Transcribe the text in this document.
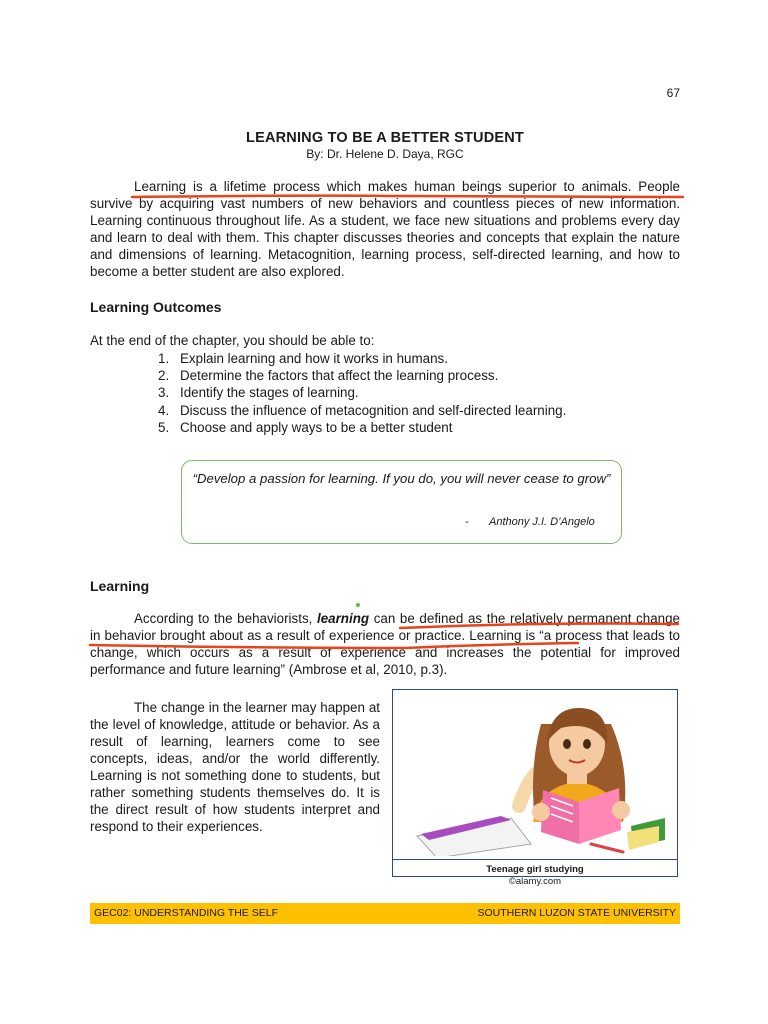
67
LEARNING TO BE A BETTER STUDENT
By: Dr. Helene D. Daya, RGC

Learning is a lifetime process which makes human beings superior to animals. People survive by acquiring vast numbers of new behaviors and countless pieces of new information. Learning continuous throughout life. As a student, we face new situations and problems every day and learn to deal with them. This chapter discusses theories and concepts that explain the nature and dimensions of learning. Metacognition, learning process, self-directed learning, and how to become a better student are also explored.

Learning Outcomes
At the end of the chapter, you should be able to:
1. Explain learning and how it works in humans.
2. Determine the factors that affect the learning process.
3. Identify the stages of learning.
4. Discuss the influence of metacognition and self-directed learning.
5. Choose and apply ways to be a better student
“Develop a passion for learning. If you do, you will never cease to grow”
- Anthony J.I. D’Angelo
Learning

According to the behaviorists, learning can be defined as the relatively permanent change in behavior brought about as a result of experience or practice. Learning is “a process that leads to change, which occurs as a result of experience and increases the potential for improved performance and future learning” (Ambrose et al, 2010, p.3).

The change in the learner may happen at the level of knowledge, attitude or behavior. As a result of learning, learners come to see concepts, ideas, and/or the world differently. Learning is not something done to students, but rather something students themselves do. It is the direct result of how students interpret and respond to their experiences.

Teenage girl studying
©alamy.com
GEC02: UNDERSTANDING THE SELF	SOUTHERN LUZON STATE UNIVERSITY
